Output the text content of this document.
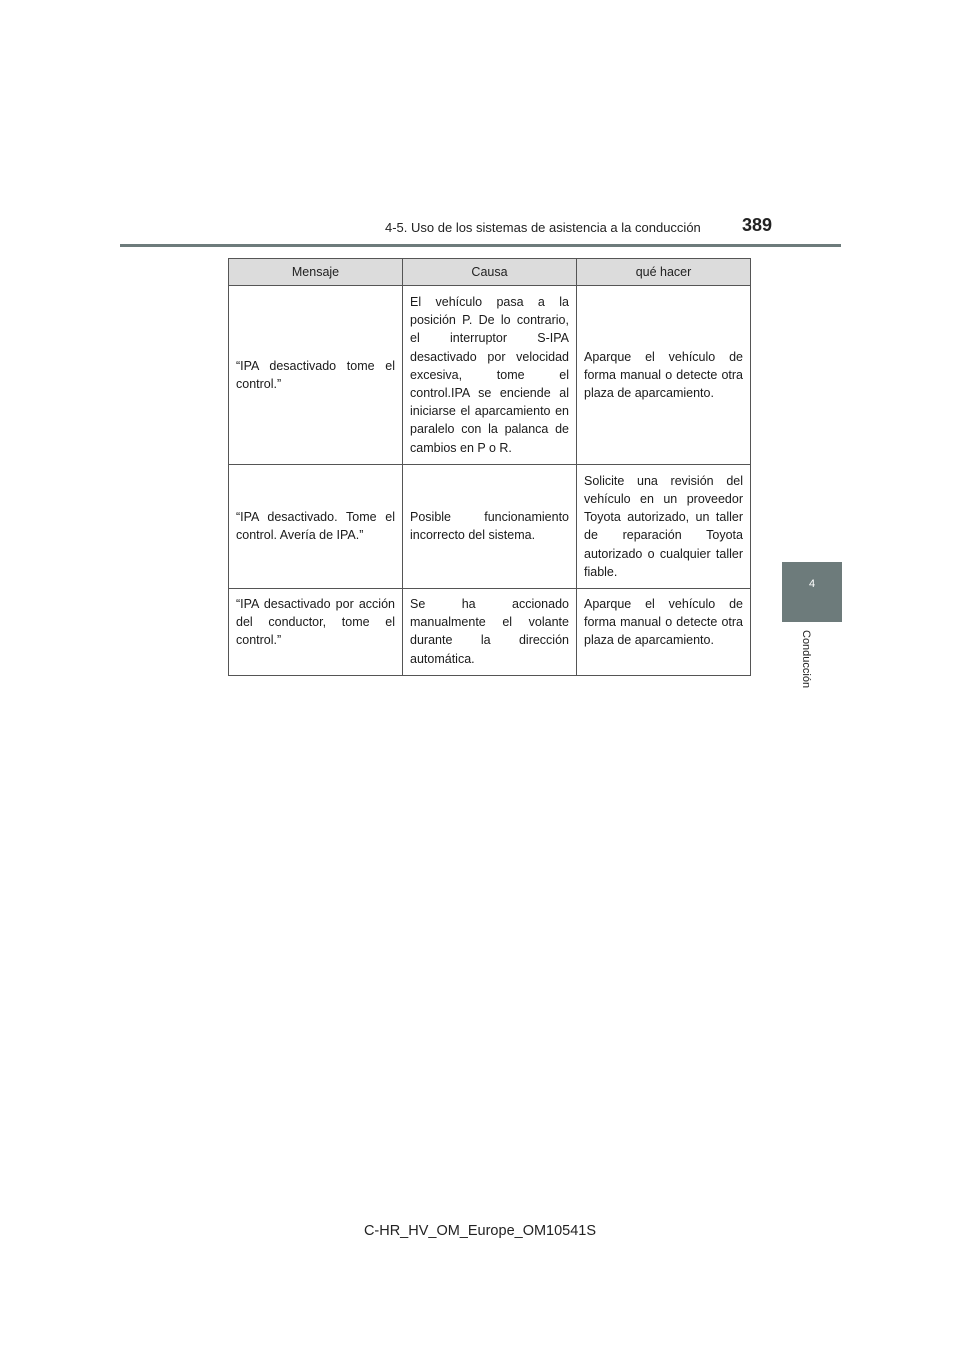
4-5. Uso de los sistemas de asistencia a la conducción 389
4
Conducción
Mensaje	Causa	qué hacer
“IPA desactivado tome el control.”	El vehículo pasa a la posición P. De lo contrario, el interruptor S-IPA desactivado por velocidad excesiva, tome el control.IPA se enciende al iniciarse el aparcamiento en paralelo con la palanca de cambios en P o R.	Aparque el vehículo de forma manual o detecte otra plaza de aparcamiento.
“IPA desactivado. Tome el control. Avería de IPA.”	Posible funcionamiento incorrecto del sistema.	Solicite una revisión del vehículo en un proveedor Toyota autorizado, un taller de reparación Toyota autorizado o cualquier taller fiable.
“IPA desactivado por acción del conductor, tome el control.”	Se ha accionado manualmente el volante durante la dirección automática.	Aparque el vehículo de forma manual o detecte otra plaza de aparcamiento.
C-HR_HV_OM_Europe_OM10541S
